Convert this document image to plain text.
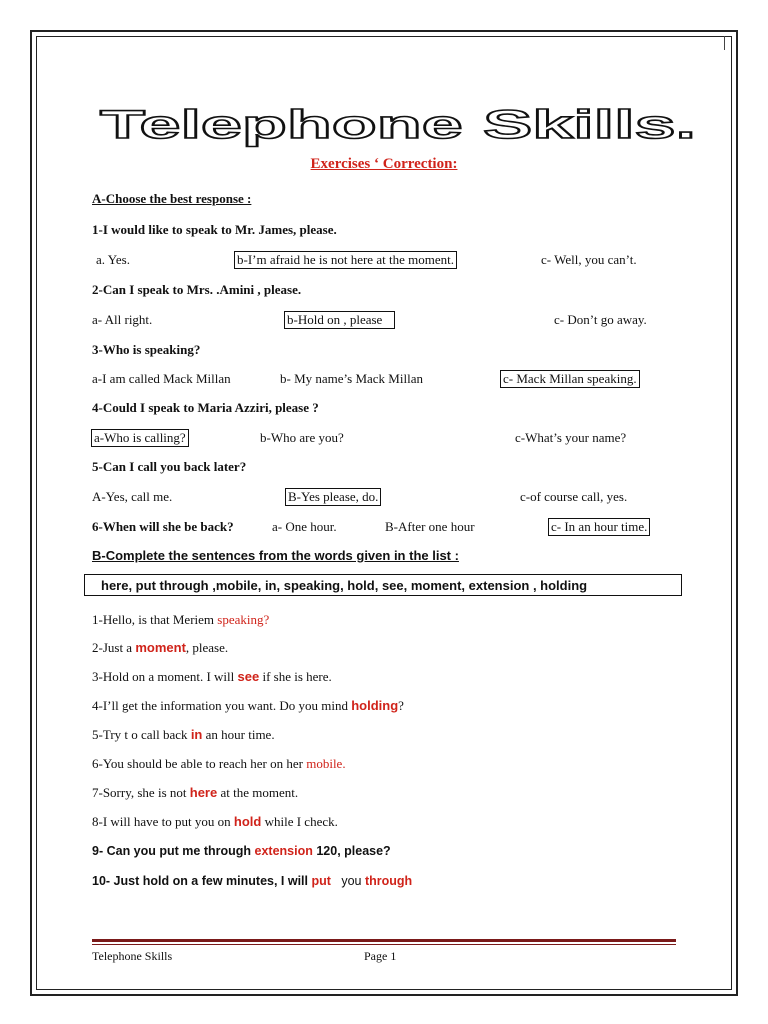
Telephone Skills.
Exercises ‘ Correction:
A-Choose the best response :
1-I would like to speak to Mr. James, please.
a. Yes.	b-I’m afraid he is not here at the moment.	c- Well, you can’t.
2-Can I speak to Mrs. .Amini , please.
a- All right.	b-Hold on , please	c- Don’t go away.
3-Who is speaking?
a-I am called Mack Millan	b- My name’s Mack Millan	c- Mack Millan speaking.
4-Could I speak to Maria Azziri, please ?
a-Who is calling?	b-Who are you?	c-What’s your name?
5-Can I call you back later?
A-Yes, call me.	B-Yes please, do.	c-of course call, yes.
6-When will she be back?	a- One hour.	B-After one hour	c- In an hour time.
B-Complete the sentences from the words given in the list :
here, put through ,mobile, in, speaking, hold, see, moment, extension , holding
1-Hello, is that Meriem speaking?
2-Just a moment, please.
3-Hold on a moment. I will see if she is here.
4-I’ll get the information you want. Do you mind holding?
5-Try t o call back in an hour time.
6-You should be able to reach her on her mobile.
7-Sorry, she is not here at the moment.
8-I will have to put you on hold while I check.
9- Can you put me through extension 120, please?
10- Just hold on a few minutes, I will put   you through
Telephone Skills	Page 1
